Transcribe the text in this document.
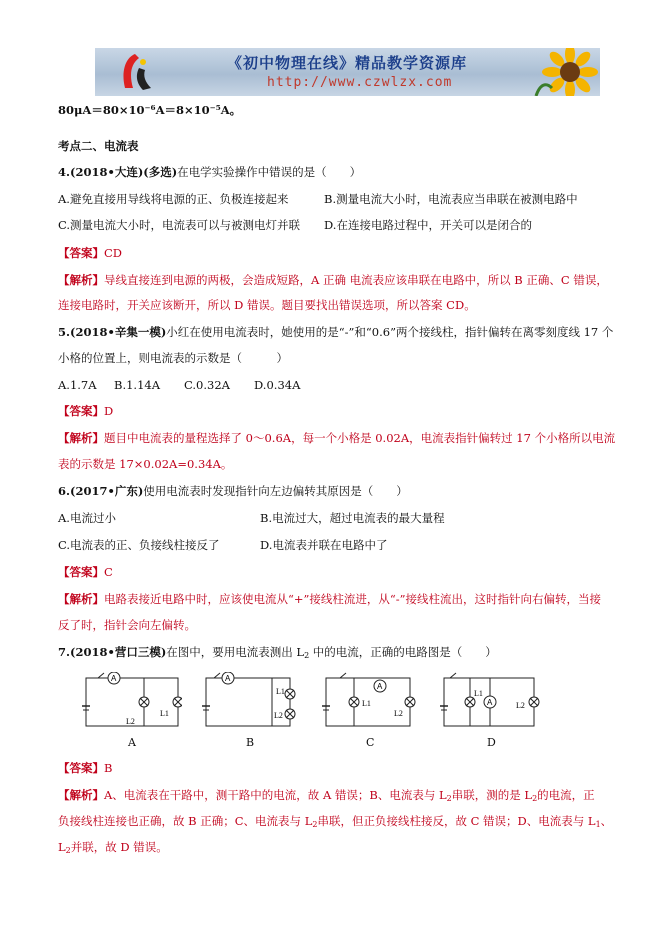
《初中物理在线》精品教学资源库
http://www.czwlzx.com
80μA＝80×10⁻⁶A＝8×10⁻⁵A。
考点二、电流表
4.(2018•大连)(多选)在电学实验操作中错误的是（　　）
A.避免直接用导线将电源的正、负极连接起来	B.测量电流大小时，电流表应当串联在被测电路中
C.测量电流大小时，电流表可以与被测电灯并联 D.在连接电路过程中，开关可以是闭合的
【答案】CD
【解析】导线直接连到电源的两极，会造成短路，A 正确 电流表应该串联在电路中，所以 B 正确、C 错误，
连接电路时，开关应该断开，所以 D 错误。题目要找出错误选项，所以答案 CD。
5.(2018•辛集一模)小红在使用电流表时，她使用的是“-”和“0.6”两个接线柱，指针偏转在离零刻度线 17 个
小格的位置上，则电流表的示数是（　　　）
A.1.7A B.1.14A C.0.32A D.0.34A
【答案】D
【解析】题目中电流表的量程选择了 0～0.6A，每一个小格是 0.02A，电流表指针偏转过 17 个小格所以电流
表的示数是 17×0.02A=0.34A。
6.(2017•广东)使用电流表时发现指针向左边偏转其原因是（　　）
A.电流过小	B.电流过大，超过电流表的最大量程
C.电流表的正、负接线柱接反了	D.电流表并联在电路中了
【答案】C
【解析】电路表接近电路中时，应该使电流从“+”接线柱流进，从“-”接线柱流出，这时指针向右偏转，当接
反了时，指针会向左偏转。
7.(2018•营口三模)在图中，要用电流表测出 $L_2$ 中的电流，正确的电路图是（　　）
A
L2
L1
A
A
L1
L2
B
A
L1
L2
C
A
L1
L2
D
【答案】B
【解析】A、电流表在干路中，测干路中的电流，故 A 错误；B、电流表与 $L_2$串联，测的是 $L_2$的电流，正
负接线柱连接也正确，故 B 正确；C、电流表与 $L_2$串联，但正负接线柱接反，故 C 错误；D、电流表与 $L_1$、
$L_2$并联，故 D 错误。
